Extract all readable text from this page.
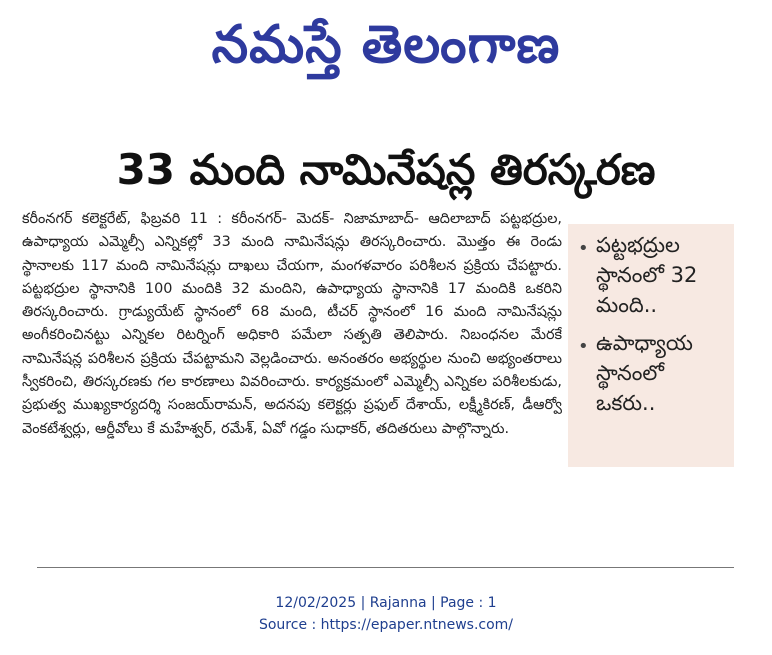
నమస్తే తెలంగాణ
33 మంది నామినేషన్ల తిరస్కరణ
కరీంనగర్ కలెక్టరేట్, ఫిబ్రవరి 11 : కరీంనగర్- మెదక్- నిజామాబాద్- ఆదిలాబాద్ పట్టభద్రుల, ఉపాధ్యాయ ఎమ్మెల్సీ ఎన్నికల్లో 33 మంది నామినేషన్లు తిరస్కరించారు. మొత్తం ఈ రెండు స్థానాలకు 117 మంది నామినేషన్లు దాఖలు చేయగా, మంగళవారం పరిశీలన ప్రక్రియ చేపట్టారు. పట్టభద్రుల స్థానానికి 100 మందికి 32 మందిని, ఉపాధ్యాయ స్థానానికి 17 మందికి ఒకరిని తిరస్కరించారు. గ్రాడ్యుయేట్ స్థానంలో 68 మంది, టీచర్ స్థానంలో 16 మంది నామినేషన్లు అంగీకరించినట్టు ఎన్నికల రిటర్నింగ్ అధికారి పమేలా సత్పతి తెలిపారు. నిబంధనల మేరకే నామినేషన్ల పరిశీలన ప్రక్రియ చేపట్టామని వెల్లడించారు. అనంతరం అభ్యర్థుల నుంచి అభ్యంతరాలు స్వీకరించి, తిరస్కరణకు గల కారణాలు వివరించారు. కార్యక్రమంలో ఎమ్మెల్సీ ఎన్నికల పరిశీలకుడు, ప్రభుత్వ ముఖ్యకార్యదర్శి సంజయ్‌రామన్, అదనపు కలెక్టర్లు ప్రఫుల్ దేశాయ్, లక్ష్మీకిరణ్, డీఆర్వో వెంకటేశ్వర్లు, ఆర్డీవోలు కే మహేశ్వర్, రమేశ్, ఏవో గడ్డం సుధాకర్, తదితరులు పాల్గొన్నారు.
• పట్టభద్రుల స్థానంలో 32 మంది..
• ఉపాధ్యాయ స్థానంలో ఒకరు..
12/02/2025 | Rajanna | Page : 1
Source : https://epaper.ntnews.com/
